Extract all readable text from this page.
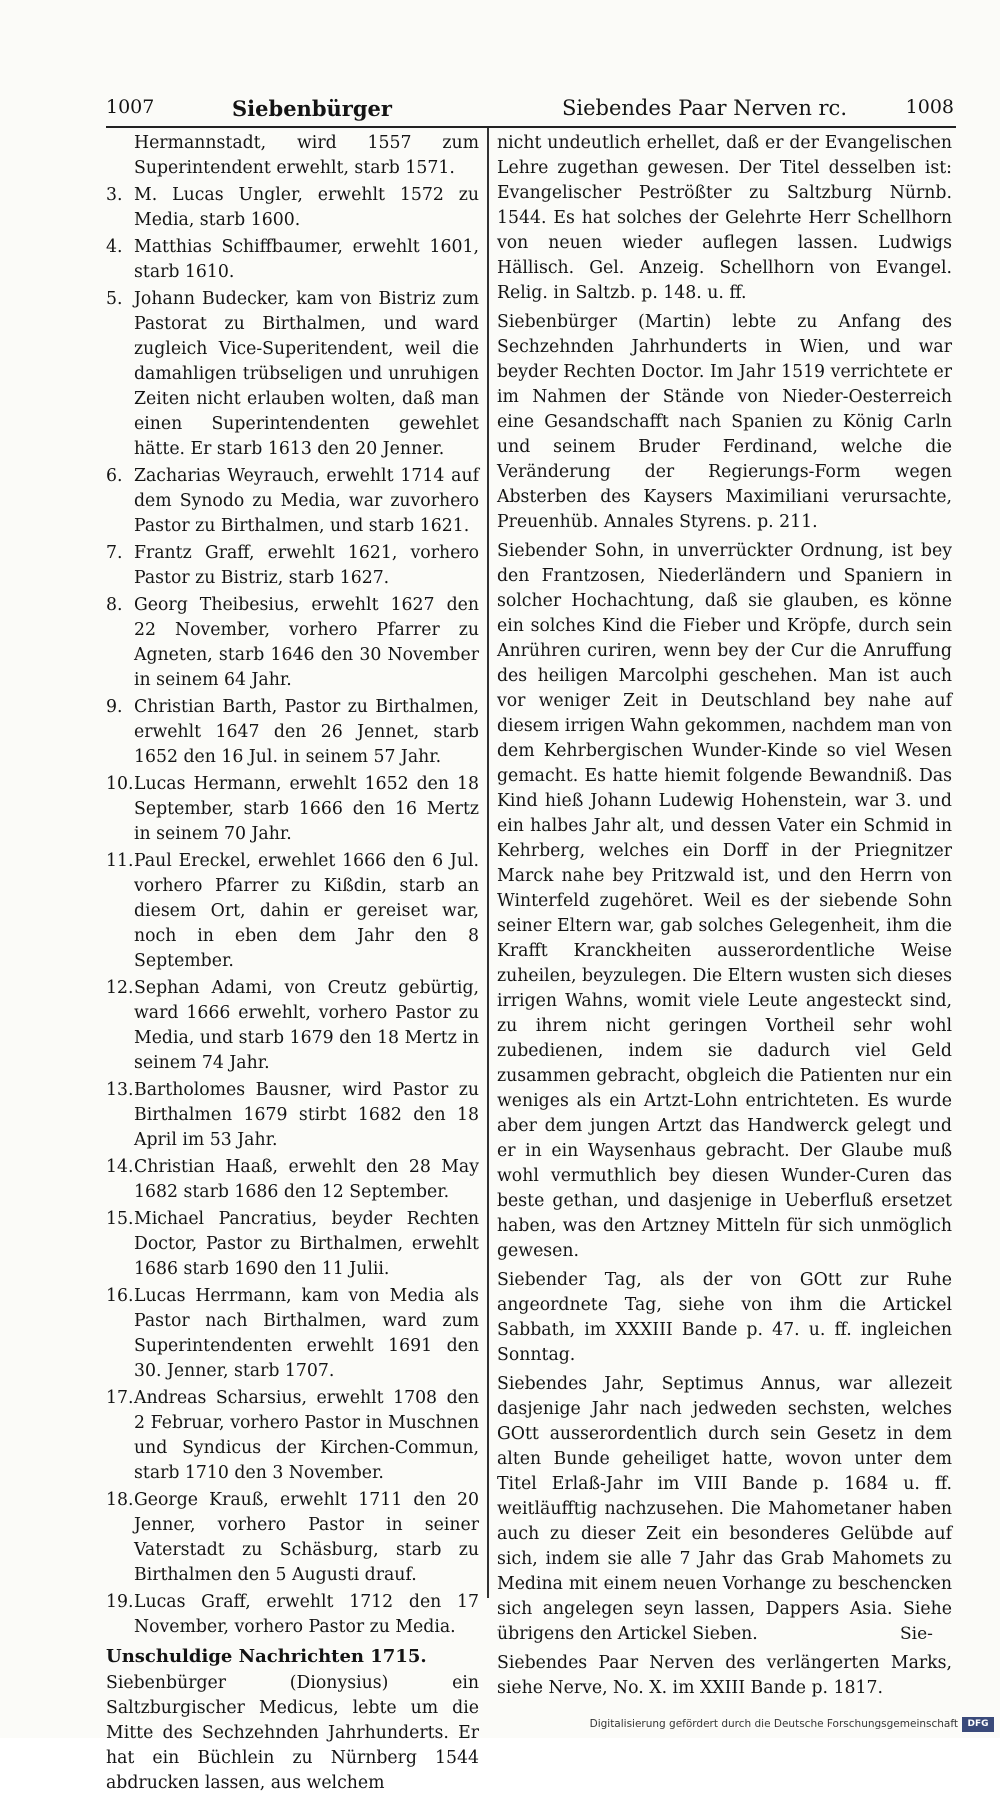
1007	Siebenbürger	Siebendes Paar Nerven rc.	1008
Hermannstadt, wird 1557 zum Superintendent erwehlt, starb 1571.
3. M. Lucas Ungler, erwehlt 1572 zu Media, starb 1600.
4. Matthias Schiffbaumer, erwehlt 1601, starb 1610.
5. Johann Budecker, kam von Bistriz zum Pastorat zu Birthalmen, und ward zugleich Vice-Superitendent, weil die damahligen trübseligen und unruhigen Zeiten nicht erlauben wolten, daß man einen Superintendenten gewehlet hätte. Er starb 1613 den 20 Jenner.
6. Zacharias Weyrauch, erwehlt 1714 auf dem Synodo zu Media, war zuvorhero Pastor zu Birthalmen, und starb 1621.
7. Frantz Graff, erwehlt 1621, vorhero Pastor zu Bistriz, starb 1627.
8. Georg Theibesius, erwehlt 1627 den 22 November, vorhero Pfarrer zu Agneten, starb 1646 den 30 November in seinem 64 Jahr.
9. Christian Barth, Pastor zu Birthalmen, erwehlt 1647 den 26 Jennet, starb 1652 den 16 Jul. in seinem 57 Jahr.
10.Lucas Hermann, erwehlt 1652 den 18 September, starb 1666 den 16 Mertz in seinem 70 Jahr.
11.Paul Ereckel, erwehlet 1666 den 6 Jul. vorhero Pfarrer zu Kißdin, starb an diesem Ort, dahin er gereiset war, noch in eben dem Jahr den 8 September.
12.Sephan Adami, von Creutz gebürtig, ward 1666 erwehlt, vorhero Pastor zu Media, und starb 1679 den 18 Mertz in seinem 74 Jahr.
13.Bartholomes Bausner, wird Pastor zu Birthalmen 1679 stirbt 1682 den 18 April im 53 Jahr.
14.Christian Haaß, erwehlt den 28 May 1682 starb 1686 den 12 September.
15.Michael Pancratius, beyder Rechten Doctor, Pastor zu Birthalmen, erwehlt 1686 starb 1690 den 11 Julii.
16.Lucas Herrmann, kam von Media als Pastor nach Birthalmen, ward zum Superintendenten erwehlt 1691 den 30. Jenner, starb 1707.
17.Andreas Scharsius, erwehlt 1708 den 2 Februar, vorhero Pastor in Muschnen und Syndicus der Kirchen-Commun, starb 1710 den 3 November.
18.George Krauß, erwehlt 1711 den 20 Jenner, vorhero Pastor in seiner Vaterstadt zu Schäsburg, starb zu Birthalmen den 5 Augusti drauf.
19.Lucas Graff, erwehlt 1712 den 17 November, vorhero Pastor zu Media.
Unschuldige Nachrichten 1715.
Siebenbürger (Dionysius) ein Saltzburgischer Medicus, lebte um die Mitte des Sechzehnden Jahrhunderts. Er hat ein Büchlein zu Nürnberg 1544 abdrucken lassen, aus welchem
nicht undeutlich erhellet, daß er der Evangelischen Lehre zugethan gewesen. Der Titel desselben ist: Evangelischer Peströßter zu Saltzburg Nürnb. 1544. Es hat solches der Gelehrte Herr Schellhorn von neuen wieder auflegen lassen. Ludwigs Hällisch. Gel. Anzeig. Schellhorn von Evangel. Relig. in Saltzb. p. 148. u. ff.
Siebenbürger (Martin) lebte zu Anfang des Sechzehnden Jahrhunderts in Wien, und war beyder Rechten Doctor. Im Jahr 1519 verrichtete er im Nahmen der Stände von Nieder-Oesterreich eine Gesandschafft nach Spanien zu König Carln und seinem Bruder Ferdinand, welche die Veränderung der Regierungs-Form wegen Absterben des Kaysers Maximiliani verursachte, Preuenhüb. Annales Styrens. p. 211.
Siebender Sohn, in unverrückter Ordnung, ist bey den Frantzosen, Niederländern und Spaniern in solcher Hochachtung, daß sie glauben, es könne ein solches Kind die Fieber und Kröpfe, durch sein Anrühren curiren, wenn bey der Cur die Anruffung des heiligen Marcolphi geschehen. Man ist auch vor weniger Zeit in Deutschland bey nahe auf diesem irrigen Wahn gekommen, nachdem man von dem Kehrbergischen Wunder-Kinde so viel Wesen gemacht. Es hatte hiemit folgende Bewandniß. Das Kind hieß Johann Ludewig Hohenstein, war 3. und ein halbes Jahr alt, und dessen Vater ein Schmid in Kehrberg, welches ein Dorff in der Priegnitzer Marck nahe bey Pritzwald ist, und den Herrn von Winterfeld zugehöret. Weil es der siebende Sohn seiner Eltern war, gab solches Gelegenheit, ihm die Krafft Kranckheiten ausserordentliche Weise zuheilen, beyzulegen. Die Eltern wusten sich dieses irrigen Wahns, womit viele Leute angesteckt sind, zu ihrem nicht geringen Vortheil sehr wohl zubedienen, indem sie dadurch viel Geld zusammen gebracht, obgleich die Patienten nur ein weniges als ein Artzt-Lohn entrichteten. Es wurde aber dem jungen Artzt das Handwerck gelegt und er in ein Waysenhaus gebracht. Der Glaube muß wohl vermuthlich bey diesen Wunder-Curen das beste gethan, und dasjenige in Ueberfluß ersetzet haben, was den Artzney Mitteln für sich unmöglich gewesen.
Siebender Tag, als der von GOtt zur Ruhe angeordnete Tag, siehe von ihm die Artickel Sabbath, im XXXIII Bande p. 47. u. ff. ingleichen Sonntag.
Siebendes Jahr, Septimus Annus, war allezeit dasjenige Jahr nach jedweden sechsten, welches GOtt ausserordentlich durch sein Gesetz in dem alten Bunde geheiliget hatte, wovon unter dem Titel Erlaß-Jahr im VIII Bande p. 1684 u. ff. weitläufftig nachzusehen. Die Mahometaner haben auch zu dieser Zeit ein besonderes Gelübde auf sich, indem sie alle 7 Jahr das Grab Mahomets zu Medina mit einem neuen Vorhange zu beschencken sich angelegen seyn lassen, Dappers Asia. Siehe übrigens den Artickel Sieben.
Siebendes Paar Nerven des verlängerten Marks, siehe Nerve, No. X. im XXIII Bande p. 1817.
Sie-
Digitalisierung gefördert durch die Deutsche Forschungsgemeinschaft	DFG
